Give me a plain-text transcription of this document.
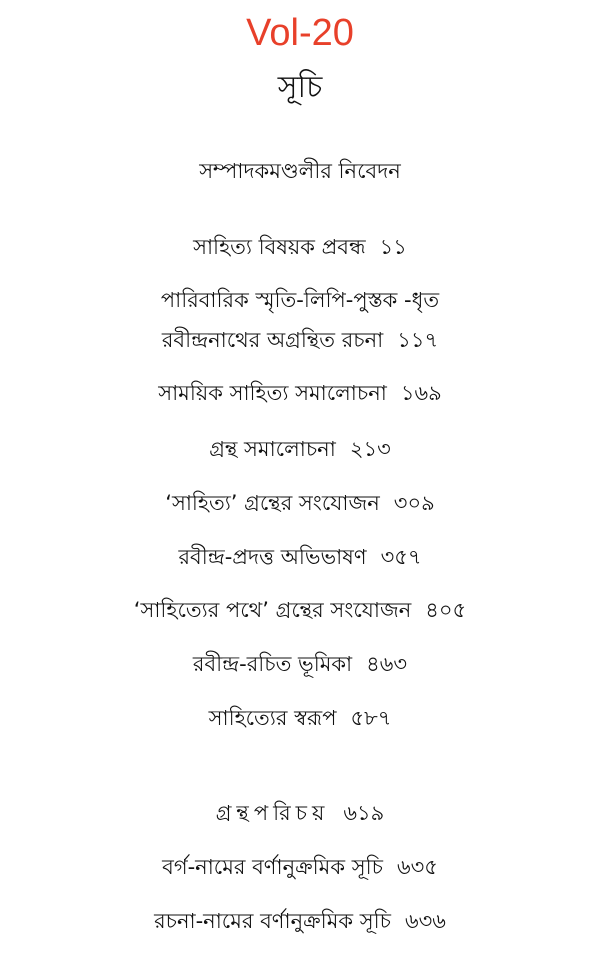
Vol-20
সূচি
সম্পাদকমণ্ডলীর নিবেদন
সাহিত্য বিষয়ক প্রবন্ধ ১১
পারিবারিক স্মৃতি-লিপি-পুস্তক -ধৃত
রবীন্দ্রনাথের অগ্রন্থিত রচনা ১১৭
সাময়িক সাহিত্য সমালোচনা ১৬৯
গ্রন্থ সমালোচনা ২১৩
‘সাহিত্য’ গ্রন্থের সংযোজন ৩০৯
রবীন্দ্র-প্রদত্ত অভিভাষণ ৩৫৭
‘সাহিত্যের পথে’ গ্রন্থের সংযোজন ৪০৫
রবীন্দ্র-রচিত ভূমিকা ৪৬৩
সাহিত্যের স্বরূপ ৫৮৭
গ্রন্থপরিচয় ৬১৯
বর্গ-নামের বর্ণানুক্রমিক সূচি ৬৩৫
রচনা-নামের বর্ণানুক্রমিক সূচি ৬৩৬
